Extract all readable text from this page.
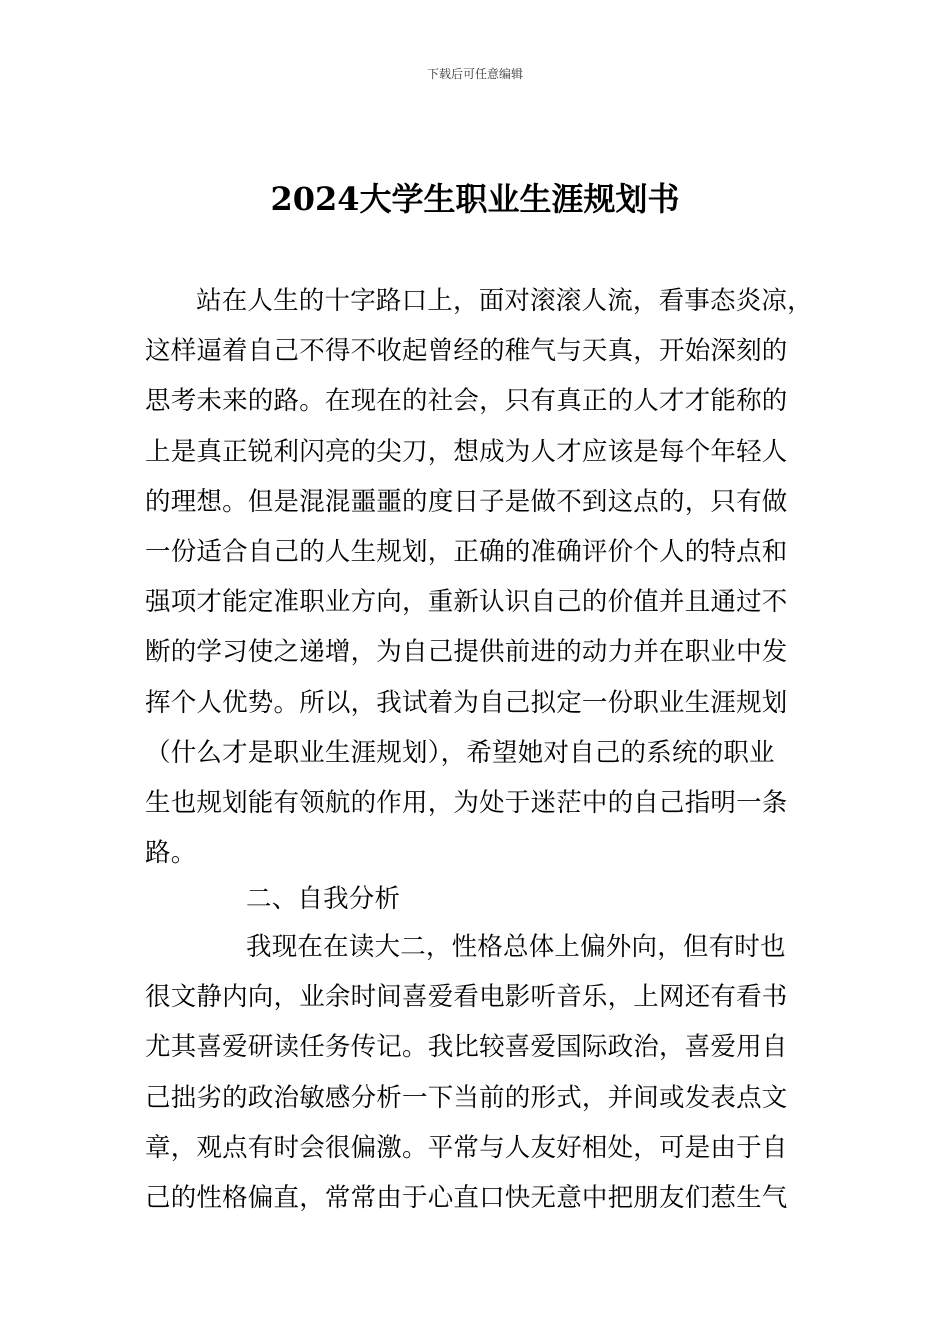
下载后可任意编辑
2024大学生职业生涯规划书
站在人生的十字路口上，面对滚滚人流，看事态炎凉，
这样逼着自己不得不收起曾经的稚气与天真，开始深刻的
思考未来的路。在现在的社会，只有真正的人才才能称的
上是真正锐利闪亮的尖刀，想成为人才应该是每个年轻人
的理想。但是混混噩噩的度日子是做不到这点的，只有做
一份适合自己的人生规划，正确的准确评价个人的特点和
强项才能定准职业方向，重新认识自己的价值并且通过不
断的学习使之递增，为自己提供前进的动力并在职业中发
挥个人优势。所以，我试着为自己拟定一份职业生涯规划
（什么才是职业生涯规划），希望她对自己的系统的职业
生也规划能有领航的作用，为处于迷茫中的自己指明一条
路。
二、自我分析
我现在在读大二，性格总体上偏外向，但有时也
很文静内向，业余时间喜爱看电影听音乐，上网还有看书
尤其喜爱研读任务传记。我比较喜爱国际政治，喜爱用自
己拙劣的政治敏感分析一下当前的形式，并间或发表点文
章，观点有时会很偏激。平常与人友好相处，可是由于自
己的性格偏直，常常由于心直口快无意中把朋友们惹生气
